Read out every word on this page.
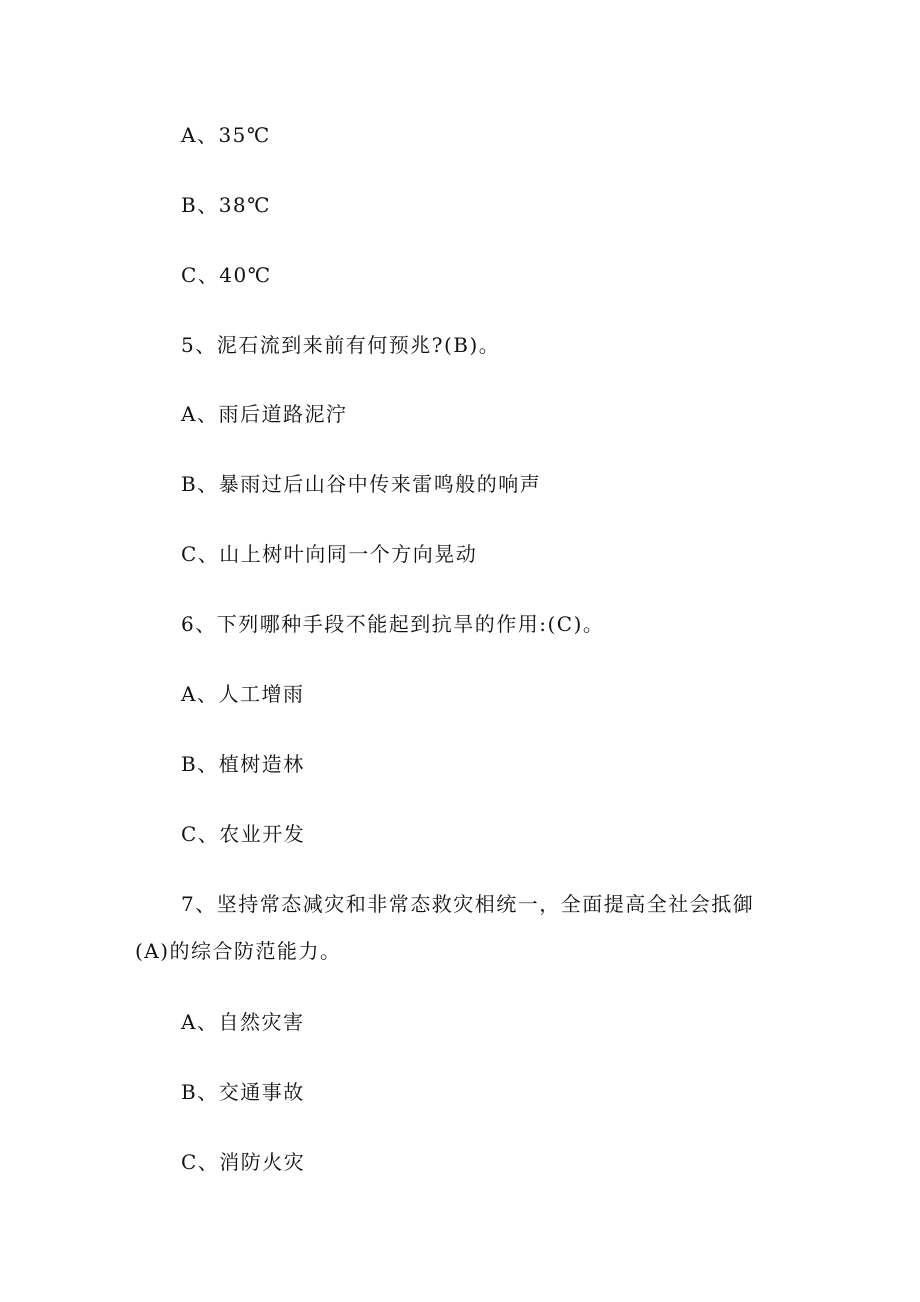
A、35℃
B、38℃
C、40℃
5、泥石流到来前有何预兆?(B)。
A、雨后道路泥泞
B、暴雨过后山谷中传来雷鸣般的响声
C、山上树叶向同一个方向晃动
6、下列哪种手段不能起到抗旱的作用:(C)。
A、人工增雨
B、植树造林
C、农业开发
7、坚持常态减灾和非常态救灾相统一，全面提高全社会抵御
(A)的综合防范能力。
A、自然灾害
B、交通事故
C、消防火灾
